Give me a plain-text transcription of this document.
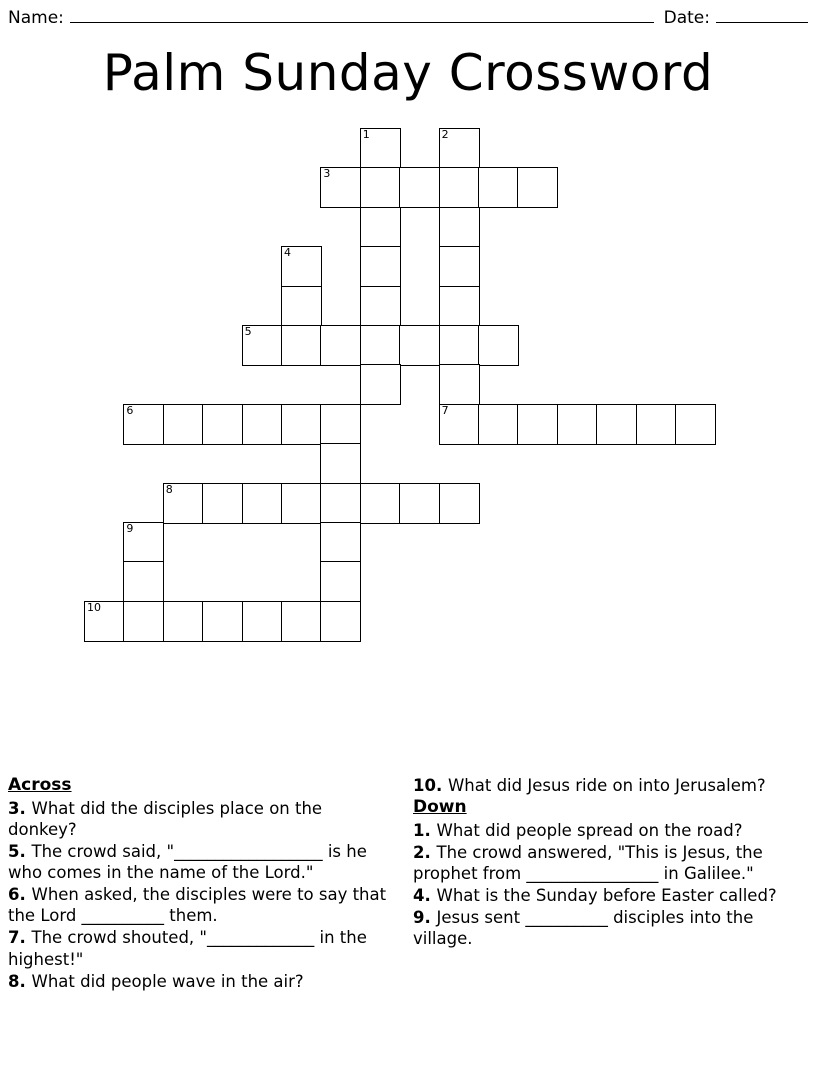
Name:	Date:
Palm Sunday Crossword
1	2
3
4
5
6	7
8
9
10
Across
3. What did the disciples place on the donkey?
5. The crowd said, "__________________ is he who comes in the name of the Lord."
6. When asked, the disciples were to say that the Lord __________ them.
7. The crowd shouted, "_____________ in the highest!"
8. What did people wave in the air?
10. What did Jesus ride on into Jerusalem?
Down
1. What did people spread on the road?
2. The crowd answered, "This is Jesus, the prophet from ________________ in Galilee."
4. What is the Sunday before Easter called?
9. Jesus sent __________ disciples into the village.
